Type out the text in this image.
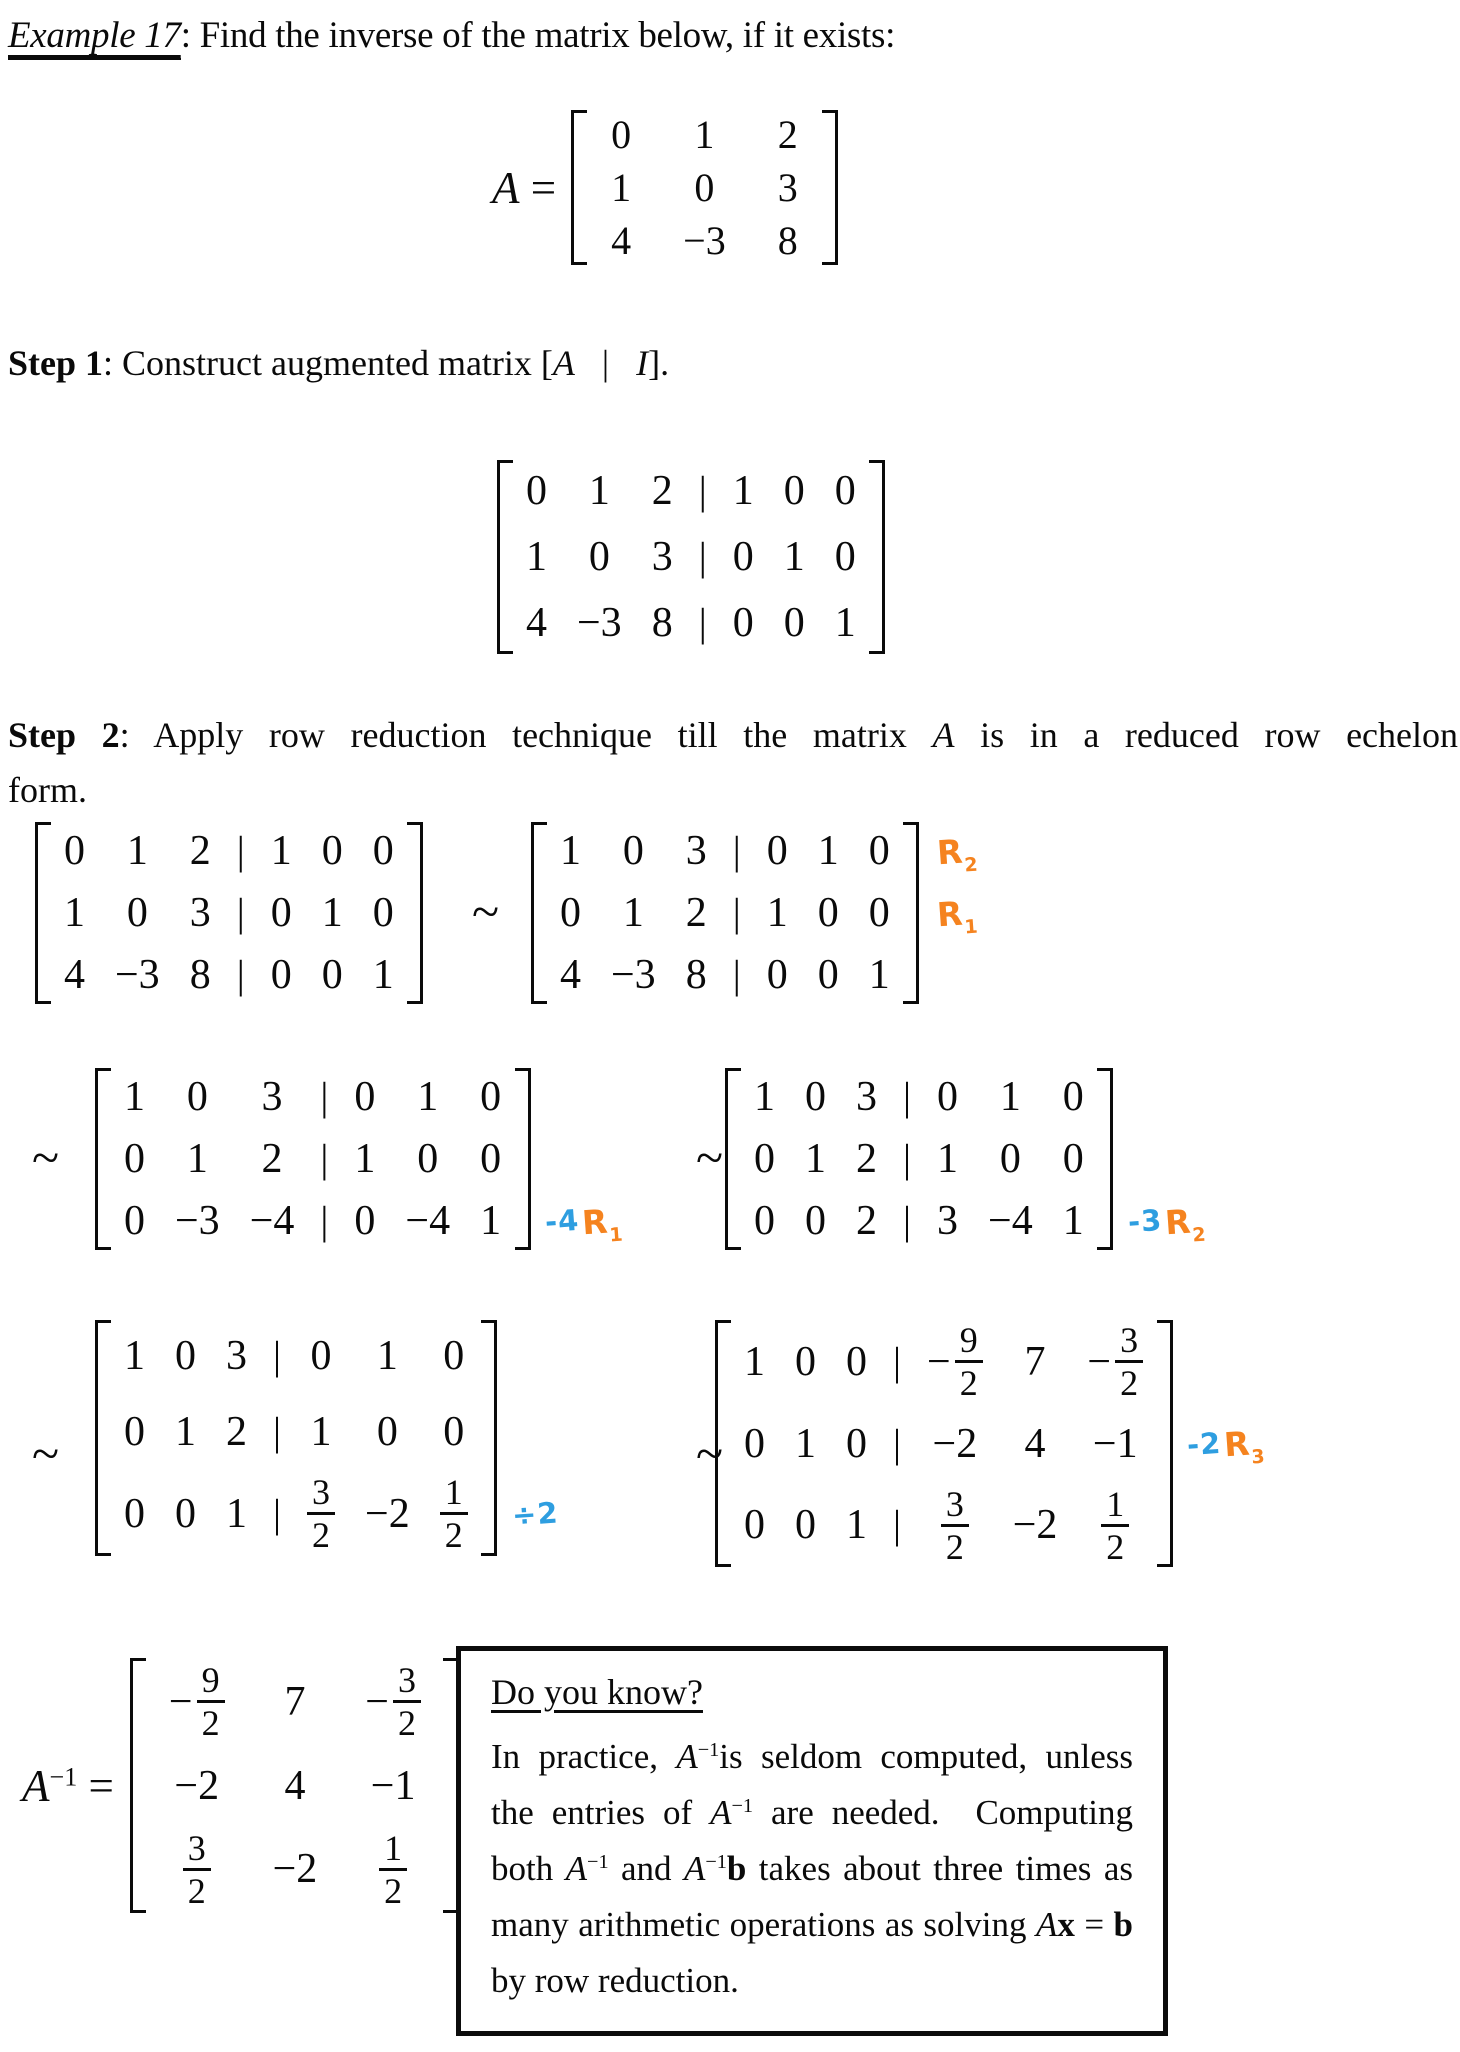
Example 17: Find the inverse of the matrix below, if it exists:
A =
0 1 2
1 0 3
4 −3 8
Step 1: Construct augmented matrix [A   |   I].
0 1 2 | 1 0 0
1 0 3 | 0 1 0
4 −3 8 | 0 0 1
Step 2: Apply row reduction technique till the matrix A is in a reduced row echelon
form.
0 1 2 | 1 0 0
1 0 3 | 0 1 0
4 −3 8 | 0 0 1
~
1 0 3 | 0 1 0
0 1 2 | 1 0 0
4 −3 8 | 0 0 1
$R_2$
$R_1$
~
1 0 3 | 0 1 0
0 1 2 | 1 0 0
0 −3 −4 | 0 −4 1 -4 $R_1$
~
1 0 3 | 0 1 0
0 1 2 | 1 0 0
0 0 2 | 3 −4 1 -3 $R_2$
~
1 0 3 | 0 1 0
0 1 2 | 1 0 0
0 0 1 | $\frac{3}{2} -2 \frac{1}{2} \div 2$
~
1 0 0 | − $\frac{9}{2} 7 - \frac{3}{2}$
0 1 0 | −2 4 −1
0 0 1 | $\frac{3}{2} -2 \frac{1}{2}$
-2 $R_3$
$A^{-1}$ =
− $\frac{9}{2} 7 - \frac{3}{2}$
−2 4 −1
$\frac{3}{2} -2 \frac{1}{2}$
Do you know?
In practice, $A^{-1}is$ seldom computed, unless the entries of $A^{-1}$ are needed.  Computing both $A^{-1}$ and $A^{-1}b$ takes about three times as many arithmetic operations as solving Ax = b by row reduction.
